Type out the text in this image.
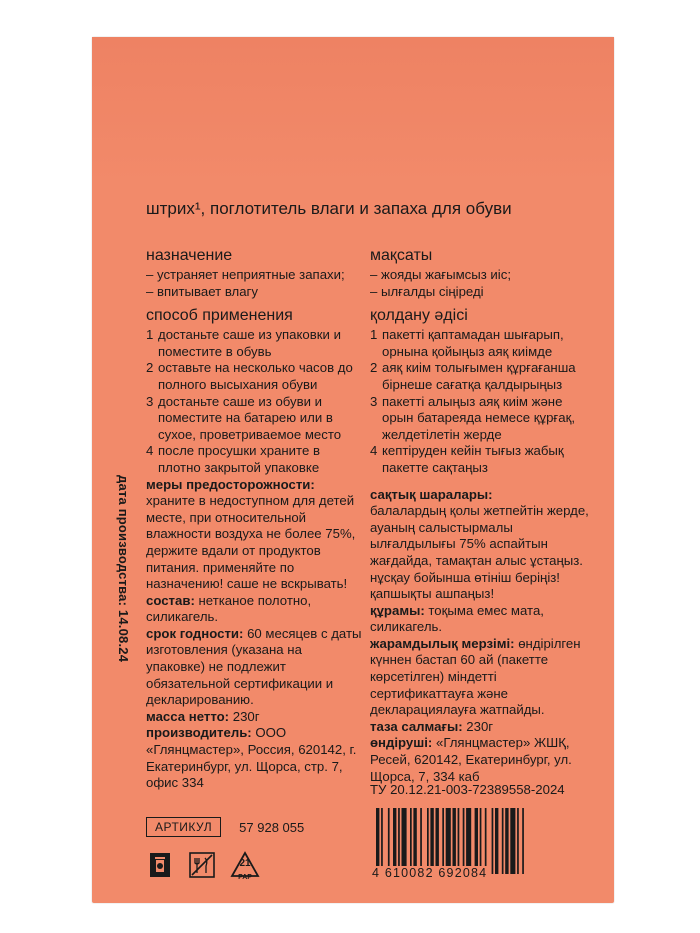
штрих¹, поглотитель влаги и запаха для обуви
назначение
– устраняет неприятные запахи;
– впитывает влагу
способ применения
1 достаньте саше из упаковки и поместите в обувь
2 оставьте на несколько часов до полного высыхания обуви
3 достаньте саше из обуви и поместите на батарею или в сухое, проветриваемое место
4 после просушки храните в плотно закрытой упаковке
меры предосторожности:
храните в недоступном для детей месте, при относительной влажности воздуха не более 75%, держите вдали от продуктов питания. применяйте по назначению! саше не вскрывать!
состав: нетканое полотно, силикагель.
срок годности: 60 месяцев с даты изготовления (указана на упаковке) не подлежит обязательной сертификации и декларированию.
масса нетто: 230г
производитель: ООО «Глянцмастер», Россия, 620142, г. Екатеринбург, ул. Щорса, стр. 7, офис 334
мақсаты
– жояды жағымсыз иіс;
– ылғалды сіңіреді
қолдану әдісі
1 пакетті қаптамадан шығарып, орнына қойыңыз аяқ киімде
2 аяқ киім толығымен құрғағанша бірнеше сағатқа қалдырыңыз
3 пакетті алыңыз аяқ киім және орын батареяда немесе құрғақ, желдетілетін жерде
4 кептіруден кейін тығыз жабық пакетте сақтаңыз
сақтық шаралары:
балалардың қолы жетпейтін жерде, ауаның салыстырмалы ылғалдылығы 75% аспайтын жағдайда, тамақтан алыс ұстаңыз. нұсқау бойынша өтініш беріңіз! қапшықты ашпаңыз!
құрамы: тоқыма емес мата, силикагель.
жарамдылық мерзімі: өндірілген күннен бастап 60 ай (пакетте көрсетілген) міндетті сертификаттауға және декларациялауға жатпайды.
таза салмағы: 230г
өндіруші: «Глянцмастер» ЖШҚ, Ресей, 620142, Екатеринбург, ул. Щорса, 7, 334 каб
дата производства: 14.08.24
АРТИКУЛ	57 928 055
21
PAP
ТУ 20.12.21-003-72389558-2024
4 610082 692084
